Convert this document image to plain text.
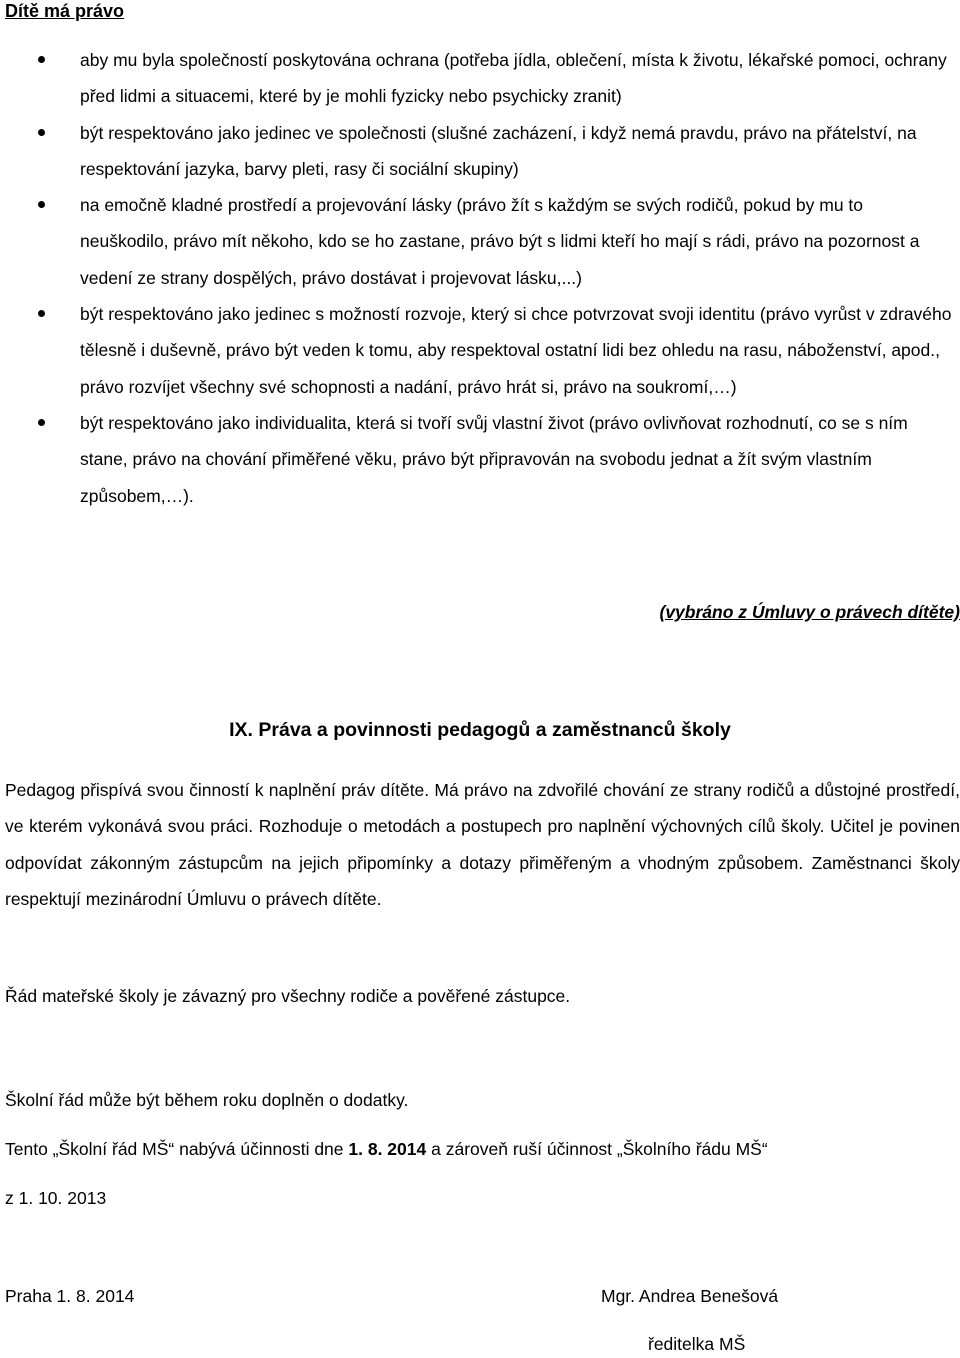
Dítě má právo
aby mu byla společností poskytována ochrana (potřeba jídla, oblečení, místa k životu, lékařské pomoci, ochrany před lidmi a situacemi, které by je mohli fyzicky nebo psychicky zranit)
být respektováno jako jedinec ve společnosti (slušné zacházení, i když nemá pravdu, právo na přátelství, na respektování jazyka, barvy pleti, rasy či sociální skupiny)
na emočně kladné prostředí a projevování lásky (právo žít s každým se svých rodičů, pokud by mu to neuškodilo, právo mít někoho, kdo se ho zastane, právo být s lidmi kteří ho mají s rádi, právo na pozornost a vedení ze strany dospělých, právo dostávat i projevovat lásku,...)
být respektováno jako jedinec s možností rozvoje, který si chce potvrzovat svoji identitu (právo vyrůst v zdravého tělesně i duševně, právo být veden k tomu, aby respektoval ostatní lidi bez ohledu na rasu, náboženství, apod., právo rozvíjet všechny své schopnosti a nadání, právo hrát si, právo na soukromí,…)
být respektováno jako individualita, která si tvoří svůj vlastní život (právo ovlivňovat rozhodnutí, co se s ním stane, právo na chování přiměřené věku, právo být připravován na svobodu jednat a žít svým vlastním způsobem,…).
(vybráno z Úmluvy o právech dítěte)
IX. Práva a povinnosti pedagogů a zaměstnanců školy
Pedagog přispívá svou činností k naplnění práv dítěte. Má právo na zdvořilé chování ze strany rodičů a důstojné prostředí, ve kterém vykonává svou práci. Rozhoduje o metodách a postupech pro naplnění výchovných cílů školy. Učitel je povinen odpovídat zákonným zástupcům na jejich připomínky a dotazy přiměřeným a vhodným způsobem. Zaměstnanci školy respektují mezinárodní Úmluvu o právech dítěte.
Řád mateřské školy je závazný pro všechny rodiče a pověřené zástupce.
Školní řád může být během roku doplněn o dodatky.
Tento „Školní řád MŠ“ nabývá účinnosti dne 1. 8. 2014 a zároveň ruší účinnost „Školního řádu MŠ“
z 1. 10. 2013
Praha 1. 8. 2014	Mgr. Andrea Benešová
ředitelka MŠ
